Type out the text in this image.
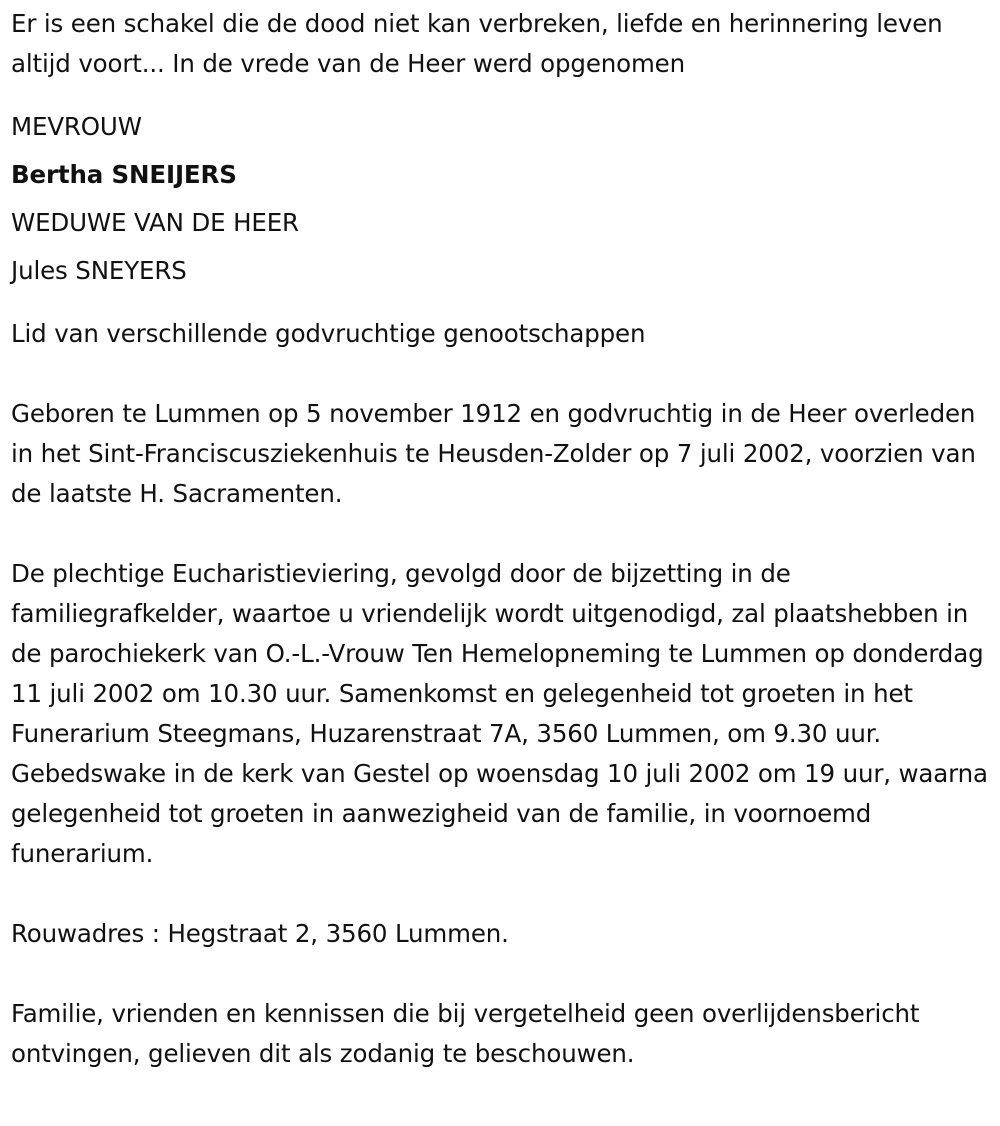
Er is een schakel die de dood niet kan verbreken, liefde en herinnering leven altijd voort... In de vrede van de Heer werd opgenomen

MEVROUW
Bertha SNEIJERS
WEDUWE VAN DE HEER
Jules SNEYERS

Lid van verschillende godvruchtige genootschappen

Geboren te Lummen op 5 november 1912 en godvruchtig in de Heer overleden in het Sint-Franciscusziekenhuis te Heusden-Zolder op 7 juli 2002, voorzien van de laatste H. Sacramenten.

De plechtige Eucharistieviering, gevolgd door de bijzetting in de familiegrafkelder, waartoe u vriendelijk wordt uitgenodigd, zal plaatshebben in de parochiekerk van O.-L.-Vrouw Ten Hemelopneming te Lummen op donderdag 11 juli 2002 om 10.30 uur. Samenkomst en gelegenheid tot groeten in het Funerarium Steegmans, Huzarenstraat 7A, 3560 Lummen, om 9.30 uur. Gebedswake in de kerk van Gestel op woensdag 10 juli 2002 om 19 uur, waarna gelegenheid tot groeten in aanwezigheid van de familie, in voornoemd funerarium.

Rouwadres : Hegstraat 2, 3560 Lummen.

Familie, vrienden en kennissen die bij vergetelheid geen overlijdensbericht ontvingen, gelieven dit als zodanig te beschouwen.
